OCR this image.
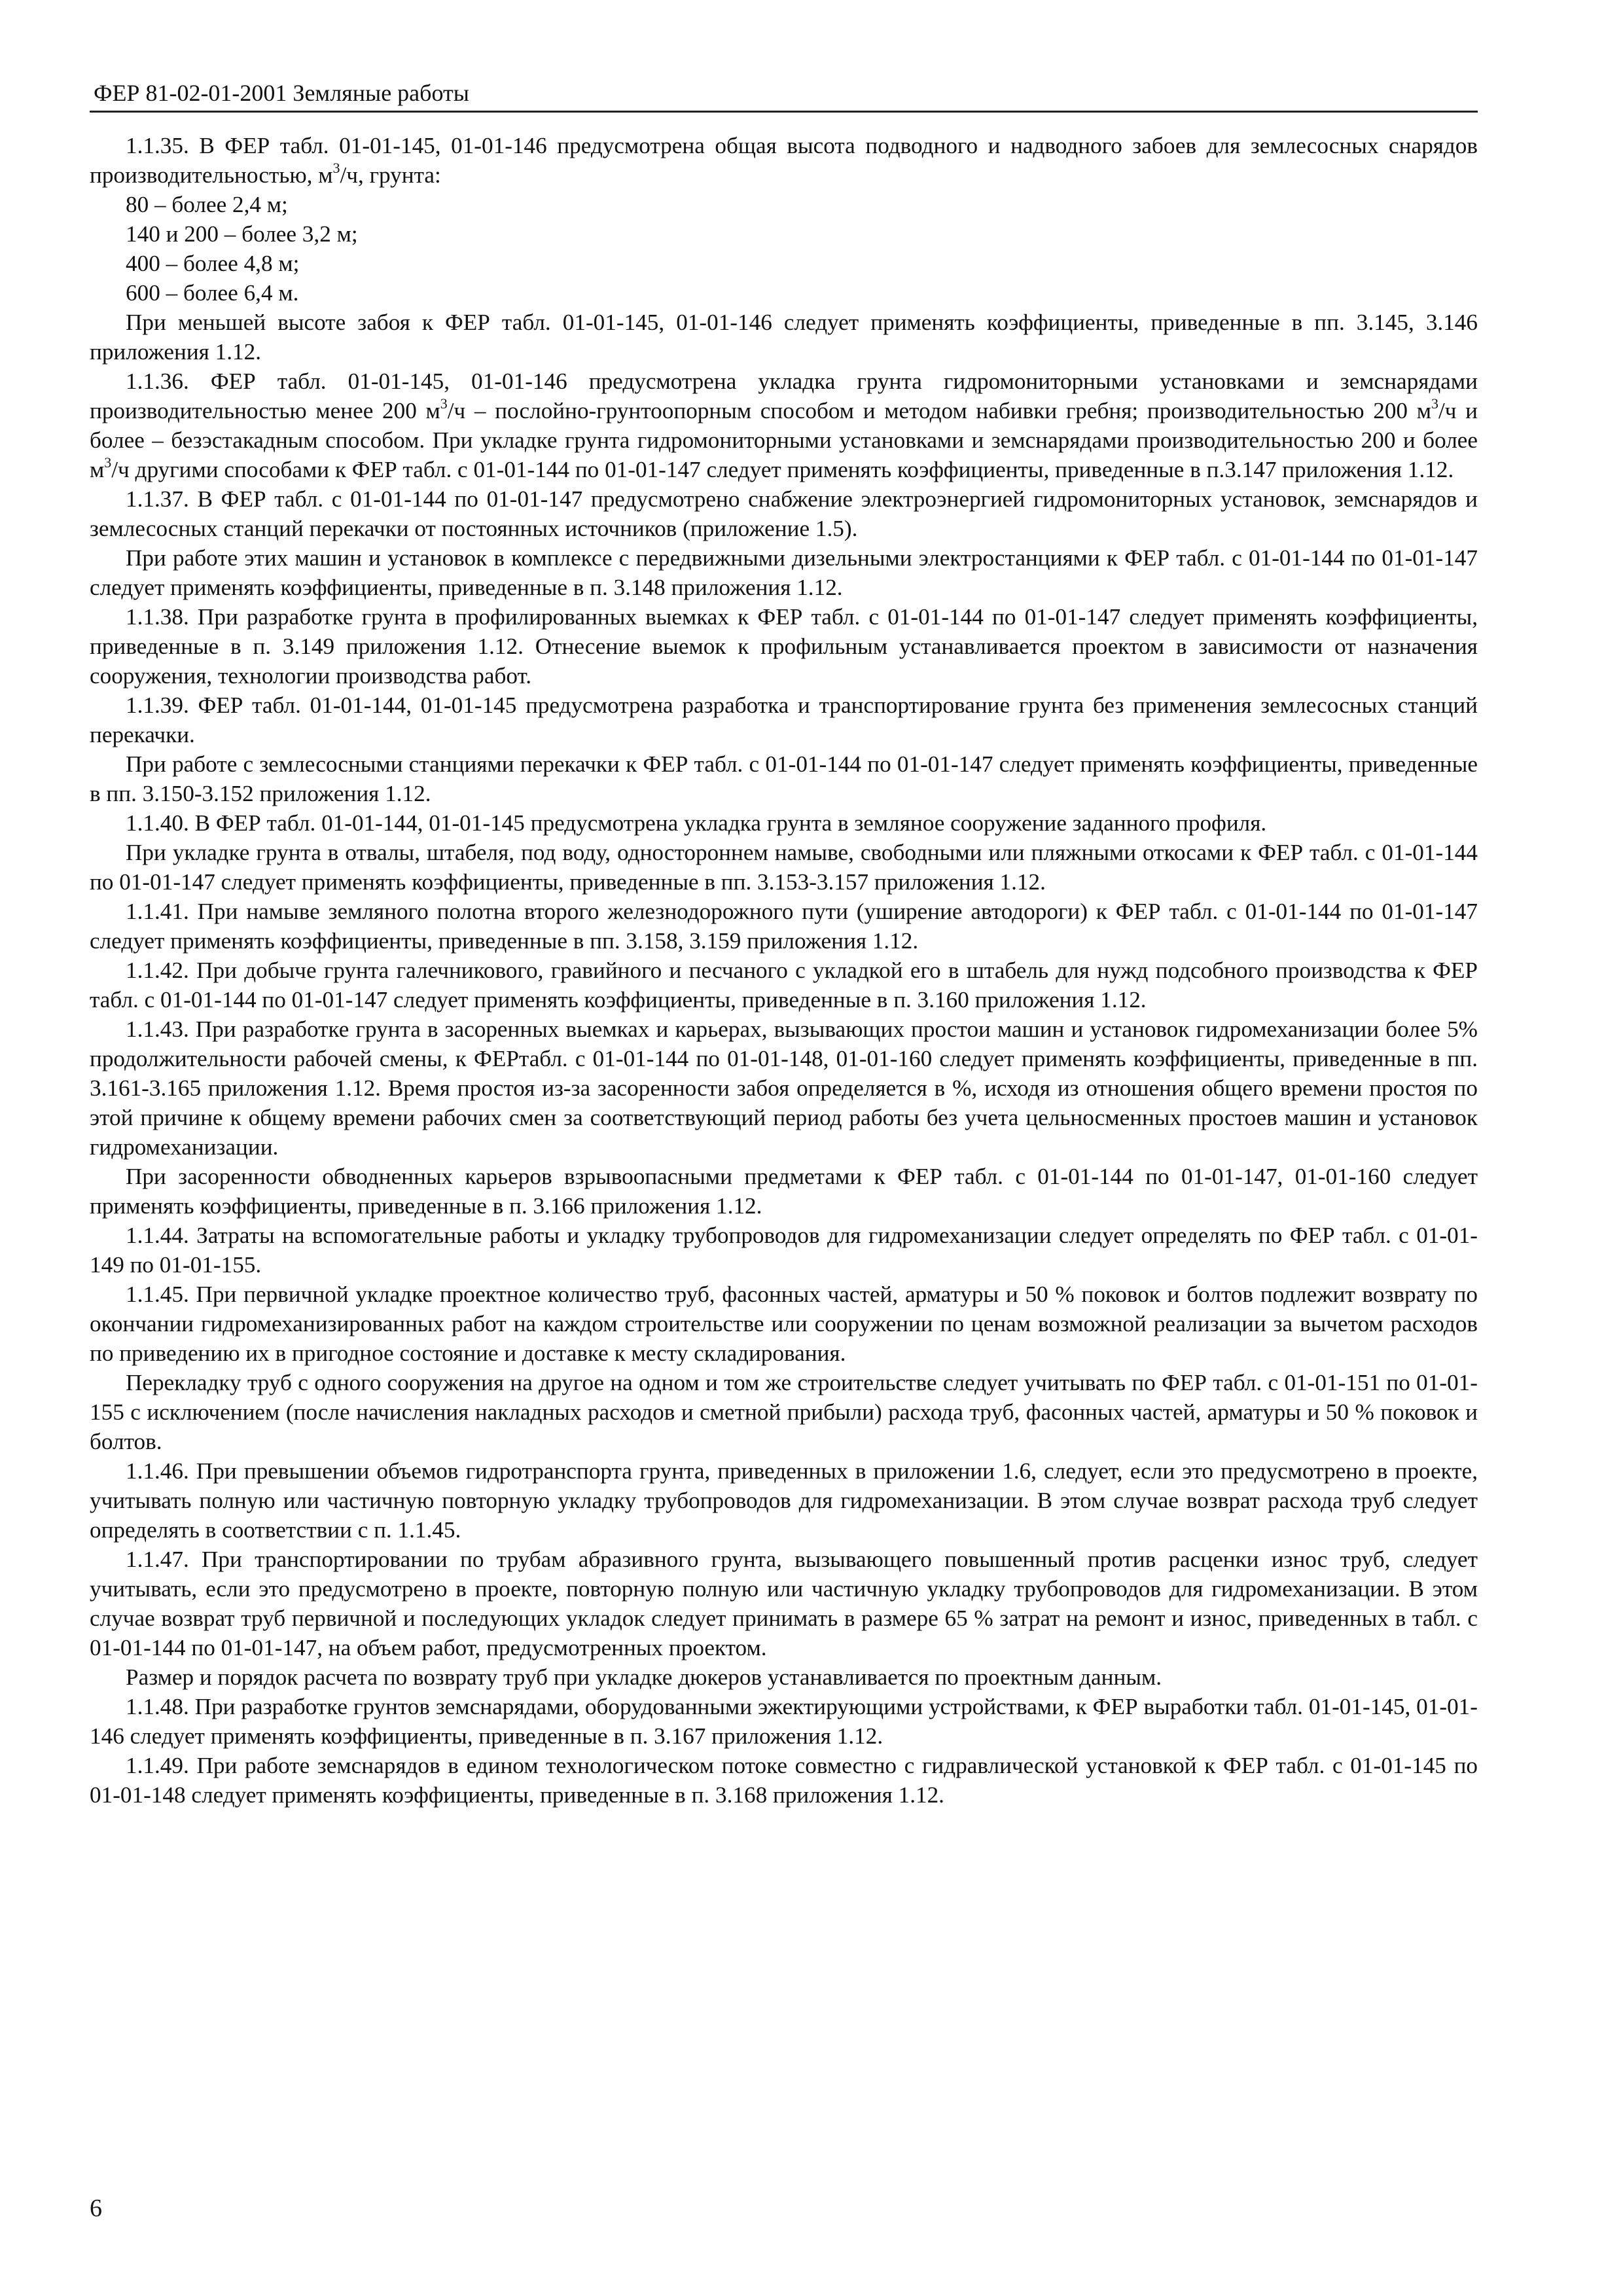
ФЕР 81-02-01-2001 Земляные работы

1.1.35. В ФЕР табл. 01-01-145, 01-01-146 предусмотрена общая высота подводного и надводного забоев для землесосных снарядов производительностью, $м^3/ч$, грунта:

80 – более 2,4 м;

140 и 200 – более 3,2 м;

400 – более 4,8 м;

600 – более 6,4 м.

При меньшей высоте забоя к ФЕР табл. 01-01-145, 01-01-146 следует применять коэффициенты, приведенные в пп. 3.145, 3.146 приложения 1.12.

1.1.36. ФЕР табл. 01-01-145, 01-01-146 предусмотрена укладка грунта гидромониторными установками и земснарядами производительностью менее 200 $м^3/ч$ – послойно-грунтоопорным способом и методом набивки гребня; производительностью 200 $м^3/ч$ и более – безэстакадным способом. При укладке грунта гидромониторными установками и земснарядами производительностью 200 и более $м^3/ч$ другими способами к ФЕР табл. с 01-01-144 по 01-01-147 следует применять коэффициенты, приведенные в п.3.147 приложения 1.12.

1.1.37. В ФЕР табл. с 01-01-144 по 01-01-147 предусмотрено снабжение электроэнергией гидромониторных установок, земснарядов и землесосных станций перекачки от постоянных источников (приложение 1.5).

При работе этих машин и установок в комплексе с передвижными дизельными электростанциями к ФЕР табл. с 01-01-144 по 01-01-147 следует применять коэффициенты, приведенные в п. 3.148 приложения 1.12.

1.1.38. При разработке грунта в профилированных выемках к ФЕР табл. с 01-01-144 по 01-01-147 следует применять коэффициенты, приведенные в п. 3.149 приложения 1.12. Отнесение выемок к профильным устанавливается проектом в зависимости от назначения сооружения, технологии производства работ.

1.1.39. ФЕР табл. 01-01-144, 01-01-145 предусмотрена разработка и транспортирование грунта без применения землесосных станций перекачки.

При работе с землесосными станциями перекачки к ФЕР табл. с 01-01-144 по 01-01-147 следует применять коэффициенты, приведенные в пп. 3.150-3.152 приложения 1.12.

1.1.40. В ФЕР табл. 01-01-144, 01-01-145 предусмотрена укладка грунта в земляное сооружение заданного профиля.

При укладке грунта в отвалы, штабеля, под воду, одностороннем намыве, свободными или пляжными откосами к ФЕР табл. с 01-01-144 по 01-01-147 следует применять коэффициенты, приведенные в пп. 3.153-3.157 приложения 1.12.

1.1.41. При намыве земляного полотна второго железнодорожного пути (уширение автодороги) к ФЕР табл. с 01-01-144 по 01-01-147 следует применять коэффициенты, приведенные в пп. 3.158, 3.159 приложения 1.12.

1.1.42. При добыче грунта галечникового, гравийного и песчаного с укладкой его в штабель для нужд подсобного производства к ФЕР табл. с 01-01-144 по 01-01-147 следует применять коэффициенты, приведенные в п. 3.160 приложения 1.12.

1.1.43. При разработке грунта в засоренных выемках и карьерах, вызывающих простои машин и установок гидромеханизации более 5% продолжительности рабочей смены, к ФЕРтабл. с 01-01-144 по 01-01-148, 01-01-160 следует применять коэффициенты, приведенные в пп. 3.161-3.165 приложения 1.12. Время простоя из-за засоренности забоя определяется в %, исходя из отношения общего времени простоя по этой причине к общему времени рабочих смен за соответствующий период работы без учета цельносменных простоев машин и установок гидромеханизации.

При засоренности обводненных карьеров взрывоопасными предметами к ФЕР табл. с 01-01-144 по 01-01-147, 01-01-160 следует применять коэффициенты, приведенные в п. 3.166 приложения 1.12.

1.1.44. Затраты на вспомогательные работы и укладку трубопроводов для гидромеханизации следует определять по ФЕР табл. с 01-01-149 по 01-01-155.

1.1.45. При первичной укладке проектное количество труб, фасонных частей, арматуры и 50 % поковок и болтов подлежит возврату по окончании гидромеханизированных работ на каждом строительстве или сооружении по ценам возможной реализации за вычетом расходов по приведению их в пригодное состояние и доставке к месту складирования.

Перекладку труб с одного сооружения на другое на одном и том же строительстве следует учитывать по ФЕР табл. с 01-01-151 по 01-01-155 с исключением (после начисления накладных расходов и сметной прибыли) расхода труб, фасонных частей, арматуры и 50 % поковок и болтов.

1.1.46. При превышении объемов гидротранспорта грунта, приведенных в приложении 1.6, следует, если это предусмотрено в проекте, учитывать полную или частичную повторную укладку трубопроводов для гидромеханизации. В этом случае возврат расхода труб следует определять в соответствии с п. 1.1.45.

1.1.47. При транспортировании по трубам абразивного грунта, вызывающего повышенный против расценки износ труб, следует учитывать, если это предусмотрено в проекте, повторную полную или частичную укладку трубопроводов для гидромеханизации. В этом случае возврат труб первичной и последующих укладок следует принимать в размере 65 % затрат на ремонт и износ, приведенных в табл. с 01-01-144 по 01-01-147, на объем работ, предусмотренных проектом.

Размер и порядок расчета по возврату труб при укладке дюкеров устанавливается по проектным данным.

1.1.48. При разработке грунтов земснарядами, оборудованными эжектирующими устройствами, к ФЕР выработки табл. 01-01-145, 01-01-146 следует применять коэффициенты, приведенные в п. 3.167 приложения 1.12.

1.1.49. При работе земснарядов в едином технологическом потоке совместно с гидравлической установкой к ФЕР табл. с 01-01-145 по 01-01-148 следует применять коэффициенты, приведенные в п. 3.168 приложения 1.12.

6
